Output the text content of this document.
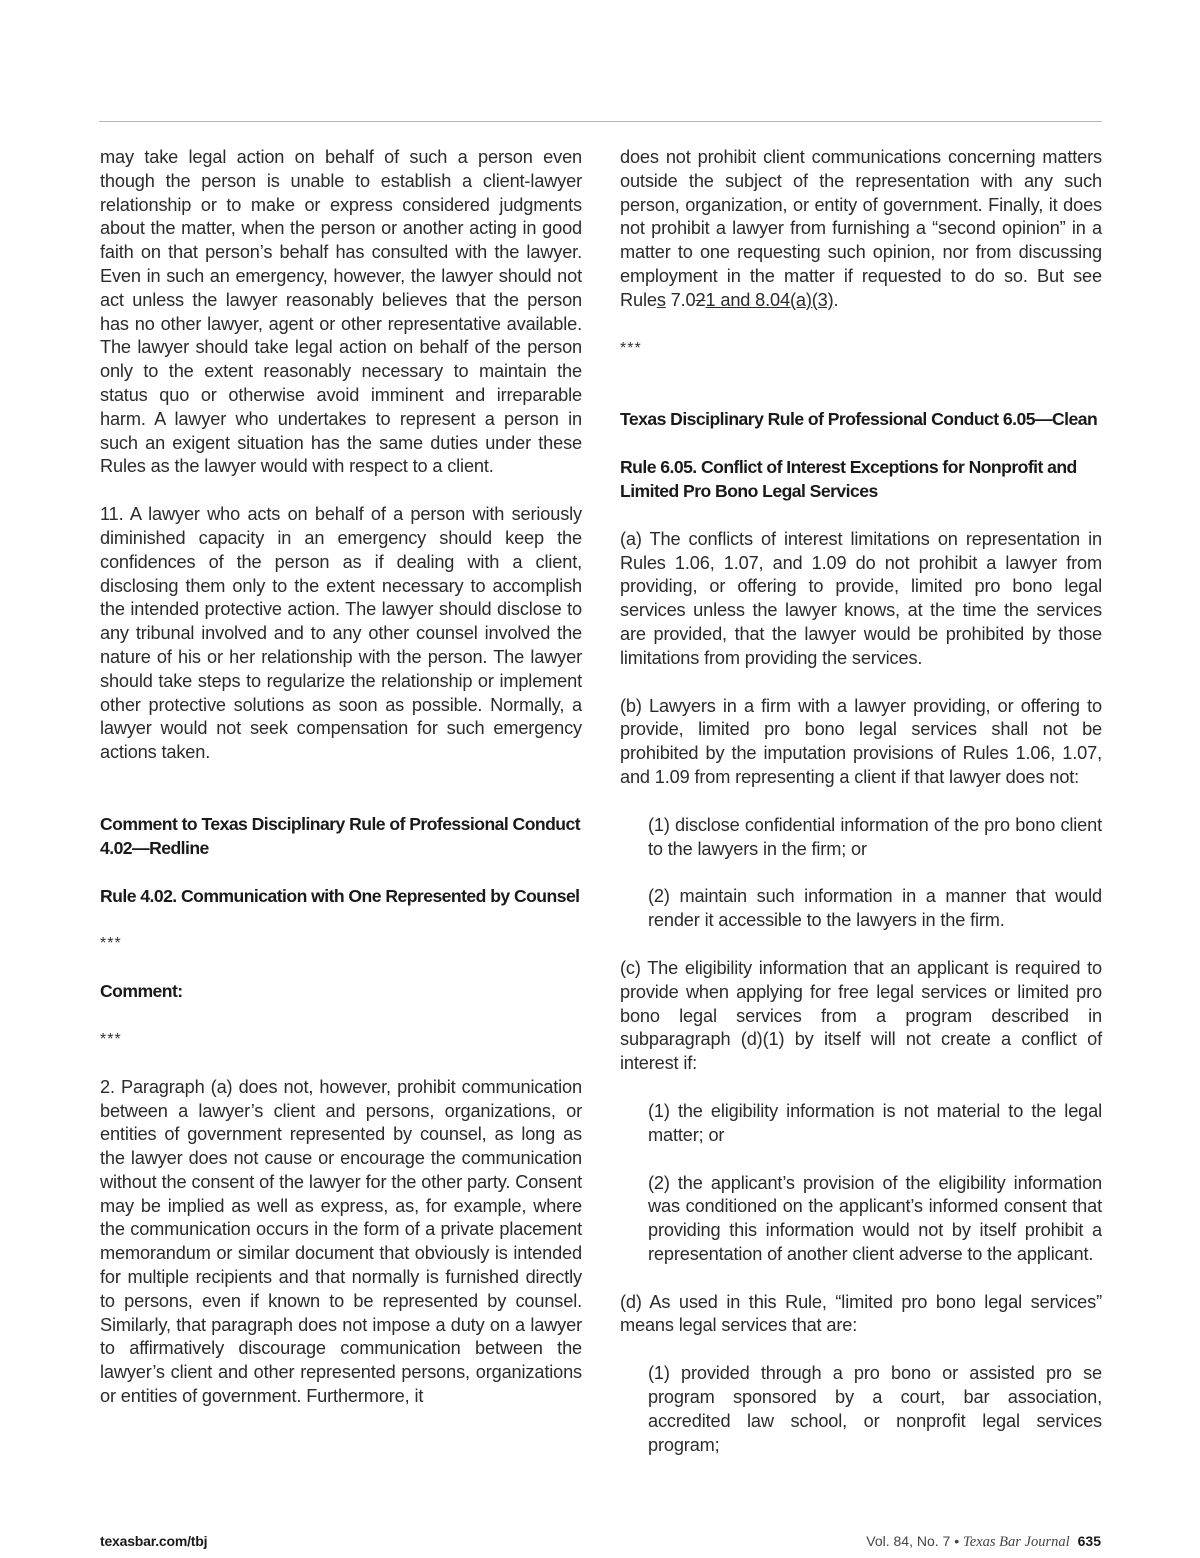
may take legal action on behalf of such a person even though the person is unable to establish a client-lawyer relationship or to make or express considered judgments about the matter, when the person or another acting in good faith on that person’s behalf has consulted with the lawyer. Even in such an emergency, however, the lawyer should not act unless the lawyer reasonably believes that the person has no other lawyer, agent or other representative available. The lawyer should take legal action on behalf of the person only to the extent reasonably necessary to maintain the status quo or otherwise avoid imminent and irreparable harm. A lawyer who undertakes to represent a person in such an exigent situation has the same duties under these Rules as the lawyer would with respect to a client.

11. A lawyer who acts on behalf of a person with seriously diminished capacity in an emergency should keep the confidences of the person as if dealing with a client, disclosing them only to the extent necessary to accomplish the intended protective action. The lawyer should disclose to any tribunal involved and to any other counsel involved the nature of his or her relationship with the person. The lawyer should take steps to regularize the relationship or implement other protective solutions as soon as possible. Normally, a lawyer would not seek compensation for such emergency actions taken.

Comment to Texas Disciplinary Rule of Professional Conduct 4.02—Redline

Rule 4.02. Communication with One Represented by Counsel

***

Comment:

***

2. Paragraph (a) does not, however, prohibit communication between a lawyer’s client and persons, organizations, or entities of government represented by counsel, as long as the lawyer does not cause or encourage the communication without the consent of the lawyer for the other party. Consent may be implied as well as express, as, for example, where the communication occurs in the form of a private placement memorandum or similar document that obviously is intended for multiple recipients and that normally is furnished directly to persons, even if known to be represented by counsel. Similarly, that paragraph does not impose a duty on a lawyer to affirmatively discourage communication between the lawyer’s client and other represented persons, organizations or entities of government. Furthermore, it

does not prohibit client communications concerning matters outside the subject of the representation with any such person, organization, or entity of government. Finally, it does not prohibit a lawyer from furnishing a “second opinion” in a matter to one requesting such opinion, nor from discussing employment in the matter if requested to do so. But see Rules 7.021 and 8.04(a)(3).

***

Texas Disciplinary Rule of Professional Conduct 6.05—Clean

Rule 6.05. Conflict of Interest Exceptions for Nonprofit and Limited Pro Bono Legal Services

(a) The conflicts of interest limitations on representation in Rules 1.06, 1.07, and 1.09 do not prohibit a lawyer from providing, or offering to provide, limited pro bono legal services unless the lawyer knows, at the time the services are provided, that the lawyer would be prohibited by those limitations from providing the services.

(b) Lawyers in a firm with a lawyer providing, or offering to provide, limited pro bono legal services shall not be prohibited by the imputation provisions of Rules 1.06, 1.07, and 1.09 from representing a client if that lawyer does not:

(1) disclose confidential information of the pro bono client to the lawyers in the firm; or

(2) maintain such information in a manner that would render it accessible to the lawyers in the firm.

(c) The eligibility information that an applicant is required to provide when applying for free legal services or limited pro bono legal services from a program described in subparagraph (d)(1) by itself will not create a conflict of interest if:

(1) the eligibility information is not material to the legal matter; or

(2) the applicant’s provision of the eligibility information was conditioned on the applicant’s informed consent that providing this information would not by itself prohibit a representation of another client adverse to the applicant.

(d) As used in this Rule, “limited pro bono legal services” means legal services that are:

(1) provided through a pro bono or assisted pro se program sponsored by a court, bar association, accredited law school, or nonprofit legal services program;

texasbar.com/tbj	Vol. 84, No. 7 • Texas Bar Journal 635
